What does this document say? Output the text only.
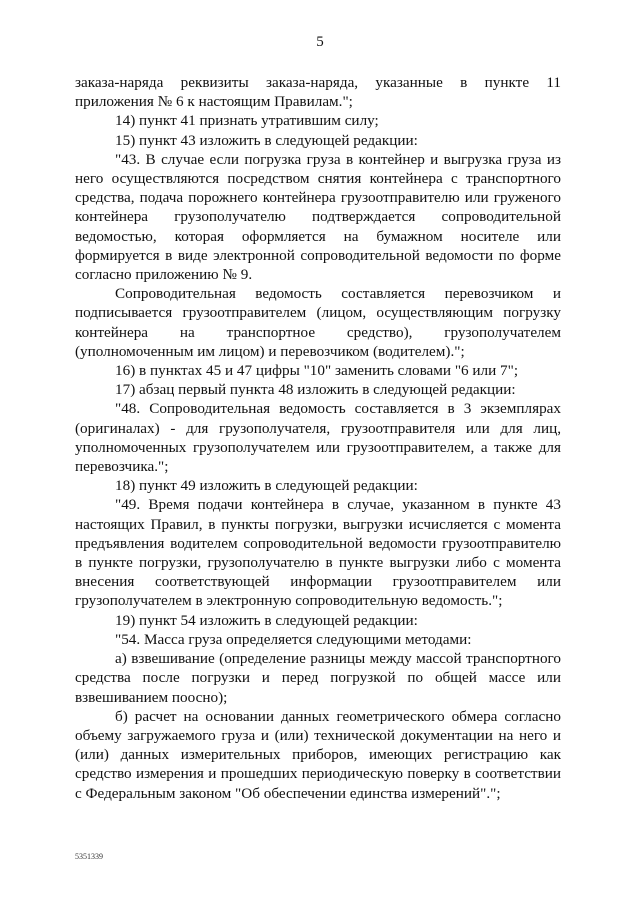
5

заказа-наряда реквизиты заказа-наряда, указанные в пункте 11 приложения № 6 к настоящим Правилам.";

14) пункт 41 признать утратившим силу;

15) пункт 43 изложить в следующей редакции:

"43. В случае если погрузка груза в контейнер и выгрузка груза из него осуществляются посредством снятия контейнера с транспортного средства, подача порожнего контейнера грузоотправителю или груженого контейнера грузополучателю подтверждается сопроводительной ведомостью, которая оформляется на бумажном носителе или формируется в виде электронной сопроводительной ведомости по форме согласно приложению № 9.

Сопроводительная ведомость составляется перевозчиком и подписывается грузоотправителем (лицом, осуществляющим погрузку контейнера на транспортное средство), грузополучателем (уполномоченным им лицом) и перевозчиком (водителем).";

16) в пунктах 45 и 47 цифры "10" заменить словами "6 или 7";

17) абзац первый пункта 48 изложить в следующей редакции:

"48. Сопроводительная ведомость составляется в 3 экземплярах (оригиналах) - для грузополучателя, грузоотправителя или для лиц, уполномоченных грузополучателем или грузоотправителем, а также для перевозчика.";

18) пункт 49 изложить в следующей редакции:

"49. Время подачи контейнера в случае, указанном в пункте 43 настоящих Правил, в пункты погрузки, выгрузки исчисляется с момента предъявления водителем сопроводительной ведомости грузоотправителю в пункте погрузки, грузополучателю в пункте выгрузки либо с момента внесения соответствующей информации грузоотправителем или грузополучателем в электронную сопроводительную ведомость.";

19) пункт 54 изложить в следующей редакции:

"54. Масса груза определяется следующими методами:

а) взвешивание (определение разницы между массой транспортного средства после погрузки и перед погрузкой по общей массе или взвешиванием поосно);

б) расчет на основании данных геометрического обмера согласно объему загружаемого груза и (или) технической документации на него и (или) данных измерительных приборов, имеющих регистрацию как средство измерения и прошедших периодическую поверку в соответствии с Федеральным законом "Об обеспечении единства измерений".";

5351339
